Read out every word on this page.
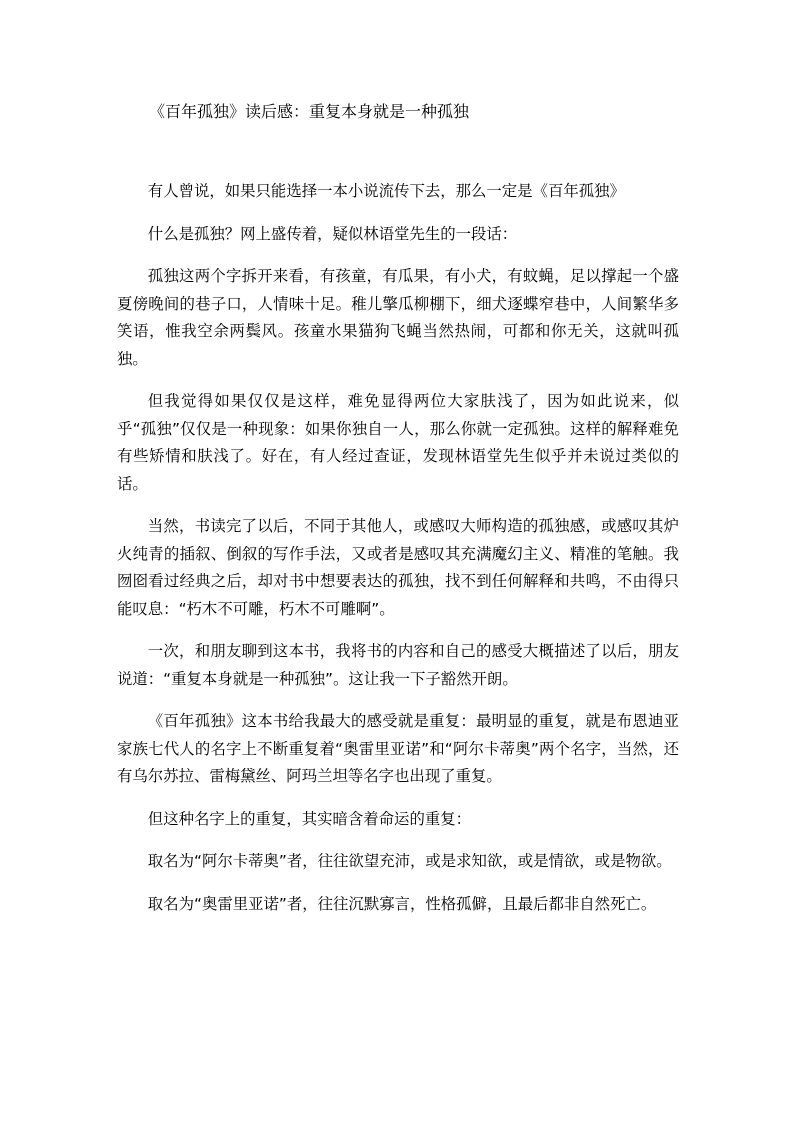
《百年孤独》读后感：重复本身就是一种孤独

有人曾说，如果只能选择一本小说流传下去，那么一定是《百年孤独》

什么是孤独？网上盛传着，疑似林语堂先生的一段话：

孤独这两个字拆开来看，有孩童，有瓜果，有小犬，有蚊蝇，足以撑起一个盛夏傍晚间的巷子口，人情味十足。稚儿擎瓜柳棚下，细犬逐蝶窄巷中，人间繁华多笑语，惟我空余两鬓风。孩童水果猫狗飞蝇当然热闹，可都和你无关，这就叫孤独。

但我觉得如果仅仅是这样，难免显得两位大家肤浅了，因为如此说来，似乎“孤独”仅仅是一种现象：如果你独自一人，那么你就一定孤独。这样的解释难免有些矫情和肤浅了。好在，有人经过查证，发现林语堂先生似乎并未说过类似的话。

当然，书读完了以后，不同于其他人，或感叹大师构造的孤独感，或感叹其炉火纯青的插叙、倒叙的写作手法，又或者是感叹其充满魔幻主义、精准的笔触。我囫囵看过经典之后，却对书中想要表达的孤独，找不到任何解释和共鸣，不由得只能叹息：“朽木不可雕，朽木不可雕啊”。

一次，和朋友聊到这本书，我将书的内容和自己的感受大概描述了以后，朋友说道：“重复本身就是一种孤独”。这让我一下子豁然开朗。

《百年孤独》这本书给我最大的感受就是重复：最明显的重复，就是布恩迪亚家族七代人的名字上不断重复着“奥雷里亚诺”和“阿尔卡蒂奥”两个名字，当然，还有乌尔苏拉、雷梅黛丝、阿玛兰坦等名字也出现了重复。

但这种名字上的重复，其实暗含着命运的重复：

取名为“阿尔卡蒂奥”者，往往欲望充沛，或是求知欲，或是情欲，或是物欲。

取名为“奥雷里亚诺”者，往往沉默寡言，性格孤僻，且最后都非自然死亡。
